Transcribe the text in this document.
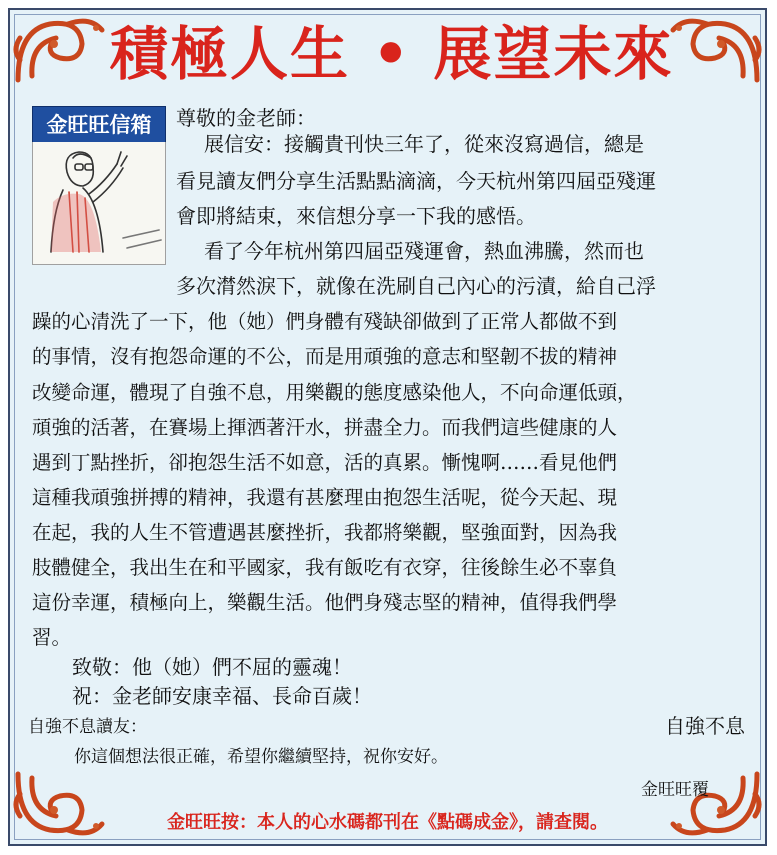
積極人生 • 展望未來
金旺旺信箱	尊敬的金老師：
展信安：接觸貴刊快三年了，從來沒寫過信，總是
看見讀友們分享生活點點滴滴，今天杭州第四屆亞殘運
會即將結束，來信想分享一下我的感悟。
看了今年杭州第四屆亞殘運會，熱血沸騰，然而也
多次潸然淚下，就像在洗刷自己內心的污漬，給自己浮
躁的心清洗了一下，他（她）們身體有殘缺卻做到了正常人都做不到
的事情，沒有抱怨命運的不公，而是用頑強的意志和堅韌不拔的精神
改變命運，體現了自強不息，用樂觀的態度感染他人，不向命運低頭，
頑強的活著，在賽場上揮洒著汗水，拼盡全力。而我們這些健康的人
遇到丁點挫折，卻抱怨生活不如意，活的真累。慚愧啊……看見他們
這種我頑強拼搏的精神，我還有甚麼理由抱怨生活呢，從今天起、現
在起，我的人生不管遭遇甚麼挫折，我都將樂觀，堅強面對，因為我
肢體健全，我出生在和平國家，我有飯吃有衣穿，往後餘生必不辜負
這份幸運，積極向上，樂觀生活。他們身殘志堅的精神，值得我們學
習。
致敬：他（她）們不屈的靈魂！
祝：金老師安康幸福、長命百歲！
自強不息
自強不息讀友：
你這個想法很正確，希望你繼續堅持，祝你安好。
金旺旺覆
金旺旺按：本人的心水碼都刊在《點碼成金》，請查閱。
